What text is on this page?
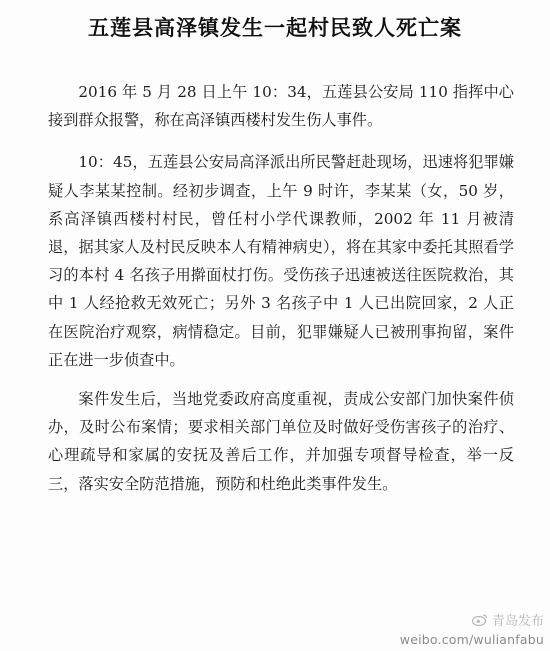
五莲县高泽镇发生一起村民致人死亡案

2016 年 5 月 28 日上午 10：34，五莲县公安局 110 指挥中心接到群众报警，称在高泽镇西楼村发生伤人事件。

10：45，五莲县公安局高泽派出所民警赶赴现场，迅速将犯罪嫌疑人李某某控制。经初步调查，上午 9 时许，李某某（女，50 岁，系高泽镇西楼村村民，曾任村小学代课教师，2002 年 11 月被清退，据其家人及村民反映本人有精神病史），将在其家中委托其照看学习的本村 4 名孩子用擀面杖打伤。受伤孩子迅速被送往医院救治，其中 1 人经抢救无效死亡；另外 3 名孩子中 1 人已出院回家，2 人正在医院治疗观察，病情稳定。目前，犯罪嫌疑人已被刑事拘留，案件正在进一步侦查中。

案件发生后，当地党委政府高度重视，责成公安部门加快案件侦办，及时公布案情；要求相关部门单位及时做好受伤害孩子的治疗、心理疏导和家属的安抚及善后工作，并加强专项督导检查，举一反三，落实安全防范措施，预防和杜绝此类事件发生。

青岛发布
weibo.com/wulianfabu
